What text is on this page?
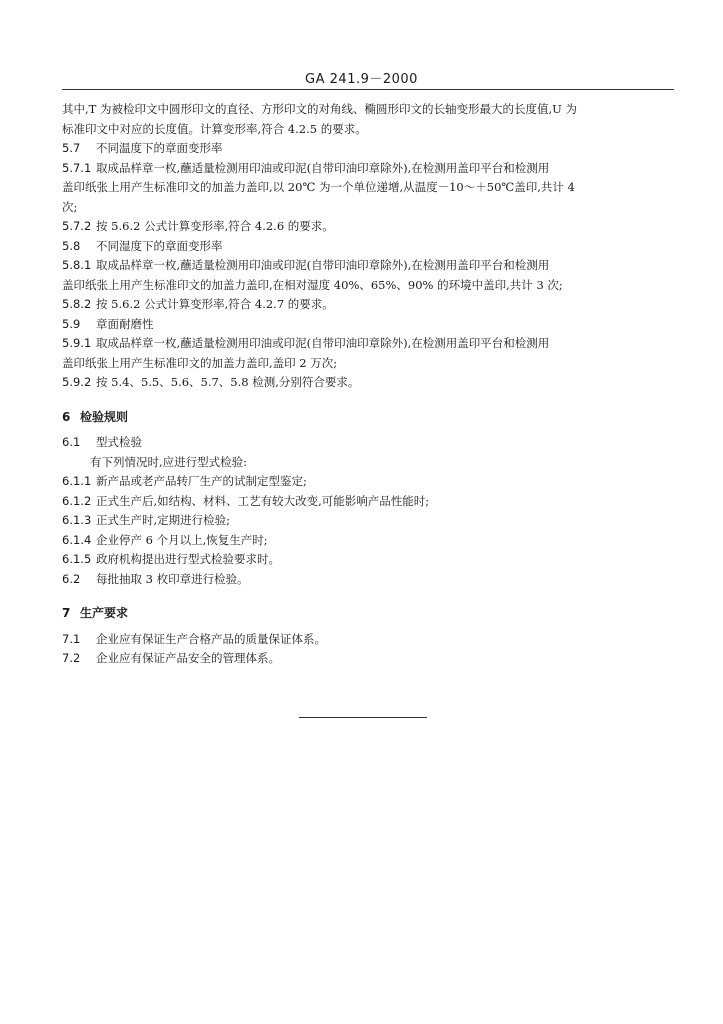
GA 241.9－2000
其中,T 为被检印文中圆形印文的直径、方形印文的对角线、椭圆形印文的长轴变形最大的长度值,U 为
标准印文中对应的长度值。计算变形率,符合 4.2.5 的要求。
5.7 不同温度下的章面变形率
5.7.1 取成品样章一枚,蘸适量检测用印油或印泥(自带印油印章除外),在检测用盖印平台和检测用
盖印纸张上用产生标准印文的加盖力盖印,以 20℃ 为一个单位递增,从温度－10～＋50℃盖印,共计 4
次;
5.7.2 按 5.6.2 公式计算变形率,符合 4.2.6 的要求。
5.8 不同湿度下的章面变形率
5.8.1 取成品样章一枚,蘸适量检测用印油或印泥(自带印油印章除外),在检测用盖印平台和检测用
盖印纸张上用产生标准印文的加盖力盖印,在相对湿度 40%、65%、90% 的环境中盖印,共计 3 次;
5.8.2 按 5.6.2 公式计算变形率,符合 4.2.7 的要求。
5.9 章面耐磨性
5.9.1 取成品样章一枚,蘸适量检测用印油或印泥(自带印油印章除外),在检测用盖印平台和检测用
盖印纸张上用产生标准印文的加盖力盖印,盖印 2 万次;
5.9.2 按 5.4、5.5、5.6、5.7、5.8 检测,分别符合要求。
6 检验规则
6.1 型式检验
有下列情况时,应进行型式检验:
6.1.1 新产品或老产品转厂生产的试制定型鉴定;
6.1.2 正式生产后,如结构、材料、工艺有较大改变,可能影响产品性能时;
6.1.3 正式生产时,定期进行检验;
6.1.4 企业停产 6 个月以上,恢复生产时;
6.1.5 政府机构提出进行型式检验要求时。
6.2 每批抽取 3 枚印章进行检验。
7 生产要求
7.1 企业应有保证生产合格产品的质量保证体系。
7.2 企业应有保证产品安全的管理体系。
